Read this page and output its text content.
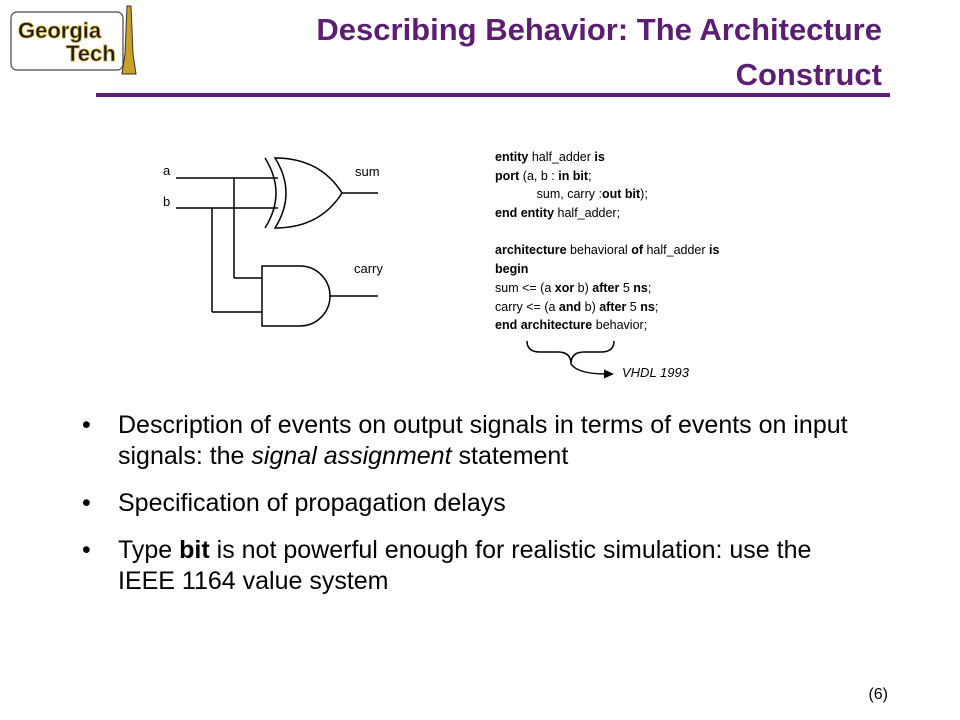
Georgia
Tech
Describing Behavior: The Architecture
Construct
a
b
sum
carry
entity half_adder is
port (a, b : in bit;
sum, carry :out bit);
end entity half_adder;
architecture behavioral of half_adder is
begin
sum <= (a xor b) after 5 ns;
carry <= (a and b) after 5 ns;
end architecture behavior;
VHDL 1993
• Description of events on output signals in terms of events on input signals: the signal assignment statement
• Specification of propagation delays
• Type bit is not powerful enough for realistic simulation: use the IEEE 1164 value system
(6)
